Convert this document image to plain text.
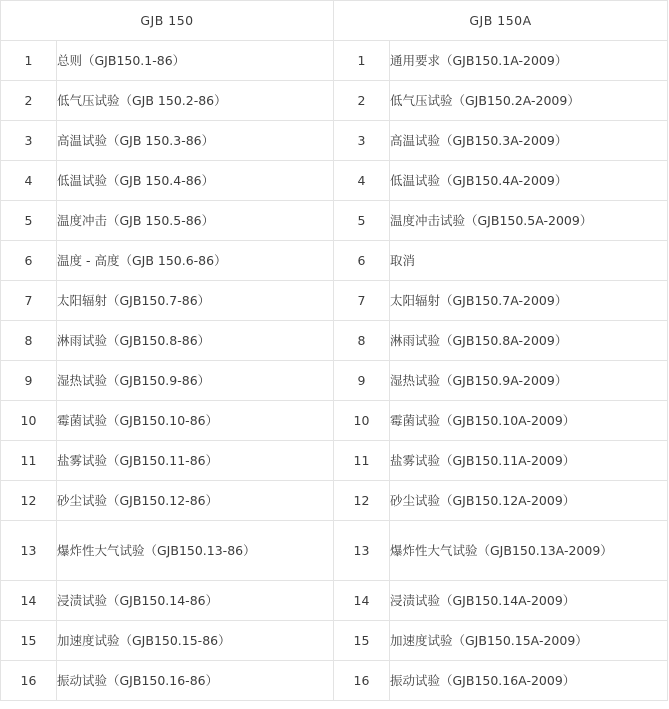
GJB 150		GJB 150A	
1	总则（GJB150.1-86）	1	通用要求（GJB150.1A-2009）
2	低气压试验（GJB 150.2-86）	2	低气压试验（GJB150.2A-2009）
3	高温试验（GJB 150.3-86）	3	高温试验（GJB150.3A-2009）
4	低温试验（GJB 150.4-86）	4	低温试验（GJB150.4A-2009）
5	温度冲击（GJB 150.5-86）	5	温度冲击试验（GJB150.5A-2009）
6	温度 - 高度（GJB 150.6-86）	6	取消
7	太阳辐射（GJB150.7-86）	7	太阳辐射（GJB150.7A-2009）
8	淋雨试验（GJB150.8-86）	8	淋雨试验（GJB150.8A-2009）
9	湿热试验（GJB150.9-86）	9	湿热试验（GJB150.9A-2009）
10	霉菌试验（GJB150.10-86）	10	霉菌试验（GJB150.10A-2009）
11	盐雾试验（GJB150.11-86）	11	盐雾试验（GJB150.11A-2009）
12	砂尘试验（GJB150.12-86）	12	砂尘试验（GJB150.12A-2009）
13	爆炸性大气试验（GJB150.13-86）	13	爆炸性大气试验（GJB150.13A-2009）
14	浸渍试验（GJB150.14-86）	14	浸渍试验（GJB150.14A-2009）
15	加速度试验（GJB150.15-86）	15	加速度试验（GJB150.15A-2009）
16	振动试验（GJB150.16-86）	16	振动试验（GJB150.16A-2009）
